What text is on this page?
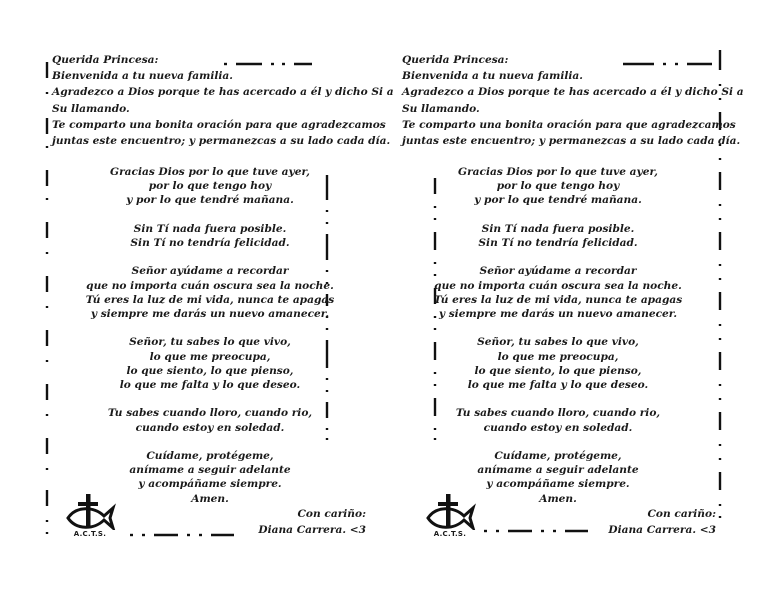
Querida Princesa:
Bienvenida a tu nueva familia.
Agradezco a Dios porque te has acercado a él y dicho Si a
Su llamando.
Te comparto una bonita oración para que agradezcamos
juntas este encuentro; y permanezcas a su lado cada día.
Gracias Dios por lo que tuve ayer,
por lo que tengo hoy
y por lo que tendré mañana.
Sin Tí nada fuera posible.
Sin Tí no tendría felicidad.
Señor ayúdame a recordar
que no importa cuán oscura sea la noche.
Tú eres la luz de mi vida, nunca te apagas
y siempre me darás un nuevo amanecer.
Señor, tu sabes lo que vivo,
lo que me preocupa,
lo que siento, lo que pienso,
lo que me falta y lo que deseo.
Tu sabes cuando lloro, cuando rio,
cuando estoy en soledad.
Cuídame, protégeme,
anímame a seguir adelante
y acompáñame siempre.
Amen.
A.C.T.S.
Con cariño:
Diana Carrera. <3
Querida Princesa:
Bienvenida a tu nueva familia.
Agradezco a Dios porque te has acercado a él y dicho Si a
Su llamando.
Te comparto una bonita oración para que agradezcamos
juntas este encuentro; y permanezcas a su lado cada día.
Gracias Dios por lo que tuve ayer,
por lo que tengo hoy
y por lo que tendré mañana.
Sin Tí nada fuera posible.
Sin Tí no tendría felicidad.
Señor ayúdame a recordar
que no importa cuán oscura sea la noche.
Tú eres la luz de mi vida, nunca te apagas
y siempre me darás un nuevo amanecer.
Señor, tu sabes lo que vivo,
lo que me preocupa,
lo que siento, lo que pienso,
lo que me falta y lo que deseo.
Tu sabes cuando lloro, cuando rio,
cuando estoy en soledad.
Cuídame, protégeme,
anímame a seguir adelante
y acompáñame siempre.
Amen.
A.C.T.S.
Con cariño:
Diana Carrera. <3
